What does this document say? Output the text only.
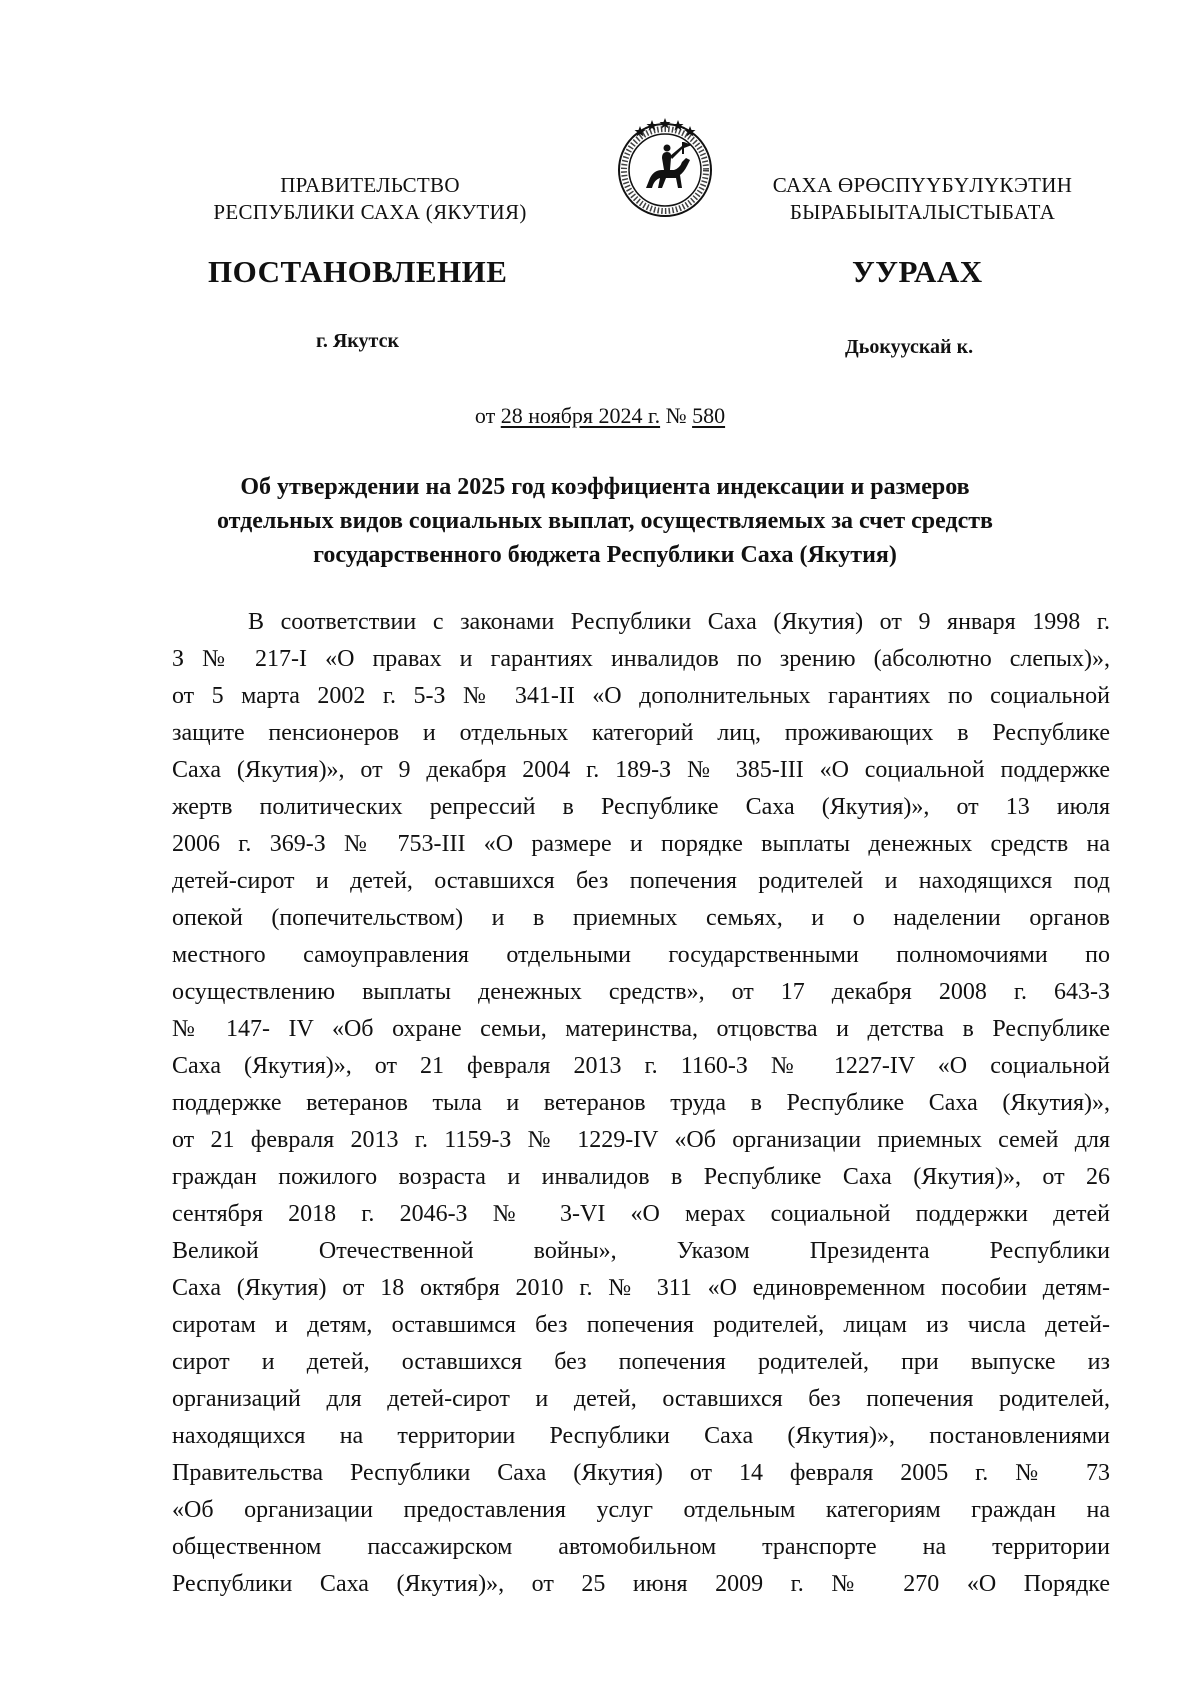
ПРАВИТЕЛЬСТВО
РЕСПУБЛИКИ САХА (ЯКУТИЯ)
САХА ӨРӨСПҮҮБҮЛҮКЭТИН
БЫРАБЫЫТАЛЫСТЫБАТА
ПОСТАНОВЛЕНИЕ	УУРААХ
г. Якутск	Дьокуускай к.
от 28 ноября 2024 г. № 580
Об утверждении на 2025 год коэффициента индексации и размеров
отдельных видов социальных выплат, осуществляемых за счет средств
государственного бюджета Республики Саха (Якутия)
В соответствии с законами Республики Саха (Якутия) от 9 января 1998 г.
З № 217-I «О правах и гарантиях инвалидов по зрению (абсолютно слепых)»,
от 5 марта 2002 г. 5-З № 341-II «О дополнительных гарантиях по социальной
защите пенсионеров и отдельных категорий лиц, проживающих в Республике
Саха (Якутия)», от 9 декабря 2004 г. 189-З № 385-III «О социальной поддержке
жертв политических репрессий в Республике Саха (Якутия)», от 13 июля
2006 г. 369-З № 753-III «О размере и порядке выплаты денежных средств на
детей-сирот и детей, оставшихся без попечения родителей и находящихся под
опекой (попечительством) и в приемных семьях, и о наделении органов
местного самоуправления отдельными государственными полномочиями по
осуществлению выплаты денежных средств», от 17 декабря 2008 г. 643-З
№ 147- IV «Об охране семьи, материнства, отцовства и детства в Республике
Саха (Якутия)», от 21 февраля 2013 г. 1160-З № 1227-IV «О социальной
поддержке ветеранов тыла и ветеранов труда в Республике Саха (Якутия)»,
от 21 февраля 2013 г. 1159-З № 1229-IV «Об организации приемных семей для
граждан пожилого возраста и инвалидов в Республике Саха (Якутия)», от 26
сентября 2018 г. 2046-З № 3-VI «О мерах социальной поддержки детей
Великой Отечественной войны», Указом Президента Республики
Саха (Якутия) от 18 октября 2010 г. № 311 «О единовременном пособии детям-
сиротам и детям, оставшимся без попечения родителей, лицам из числа детей-
сирот и детей, оставшихся без попечения родителей, при выпуске из
организаций для детей-сирот и детей, оставшихся без попечения родителей,
находящихся на территории Республики Саха (Якутия)», постановлениями
Правительства Республики Саха (Якутия) от 14 февраля 2005 г. № 73
«Об организации предоставления услуг отдельным категориям граждан на
общественном пассажирском автомобильном транспорте на территории
Республики Саха (Якутия)», от 25 июня 2009 г. № 270 «О Порядке
